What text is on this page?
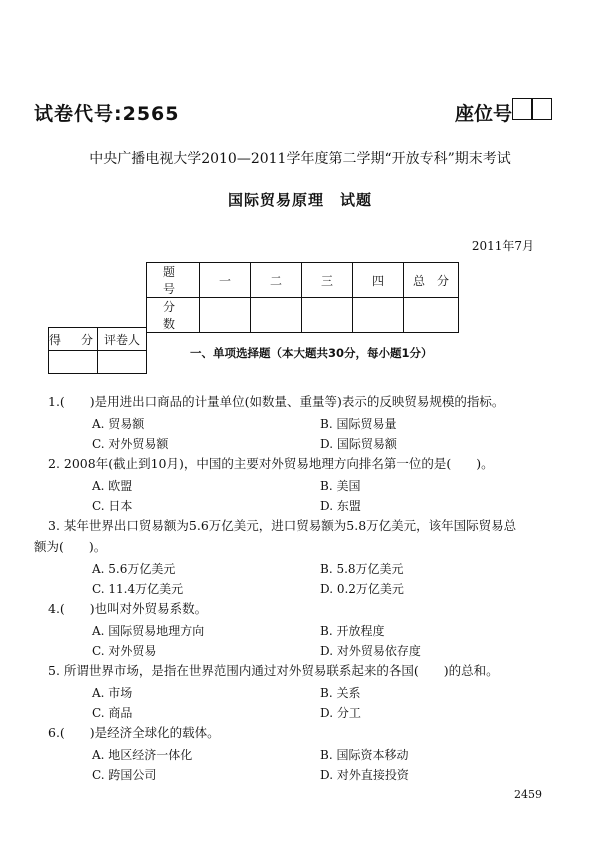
试卷代号:2565	座位号
中央广播电视大学2010—2011学年度第二学期“开放专科”期末考试
国际贸易原理　试题
2011年7月
题　号	一	二	三	四	总　分
分　数					
得　分	评卷人

一、单项选择题（本大题共30分，每小题1分）
1.(　　)是用进出口商品的计量单位(如数量、重量等)表示的反映贸易规模的指标。
A. 贸易额	B. 国际贸易量
C. 对外贸易额	D. 国际贸易额
2. 2008年(截止到10月)，中国的主要对外贸易地理方向排名第一位的是(　　)。
A. 欧盟	B. 美国
C. 日本	D. 东盟
3. 某年世界出口贸易额为5.6万亿美元，进口贸易额为5.8万亿美元，该年国际贸易总
额为(　　)。
A. 5.6万亿美元	B. 5.8万亿美元
C. 11.4万亿美元	D. 0.2万亿美元
4.(　　)也叫对外贸易系数。
A. 国际贸易地理方向	B. 开放程度
C. 对外贸易	D. 对外贸易依存度
5. 所谓世界市场，是指在世界范围内通过对外贸易联系起来的各国(　　)的总和。
A. 市场	B. 关系
C. 商品	D. 分工
6.(　　)是经济全球化的载体。
A. 地区经济一体化	B. 国际资本移动
C. 跨国公司	D. 对外直接投资
2459
